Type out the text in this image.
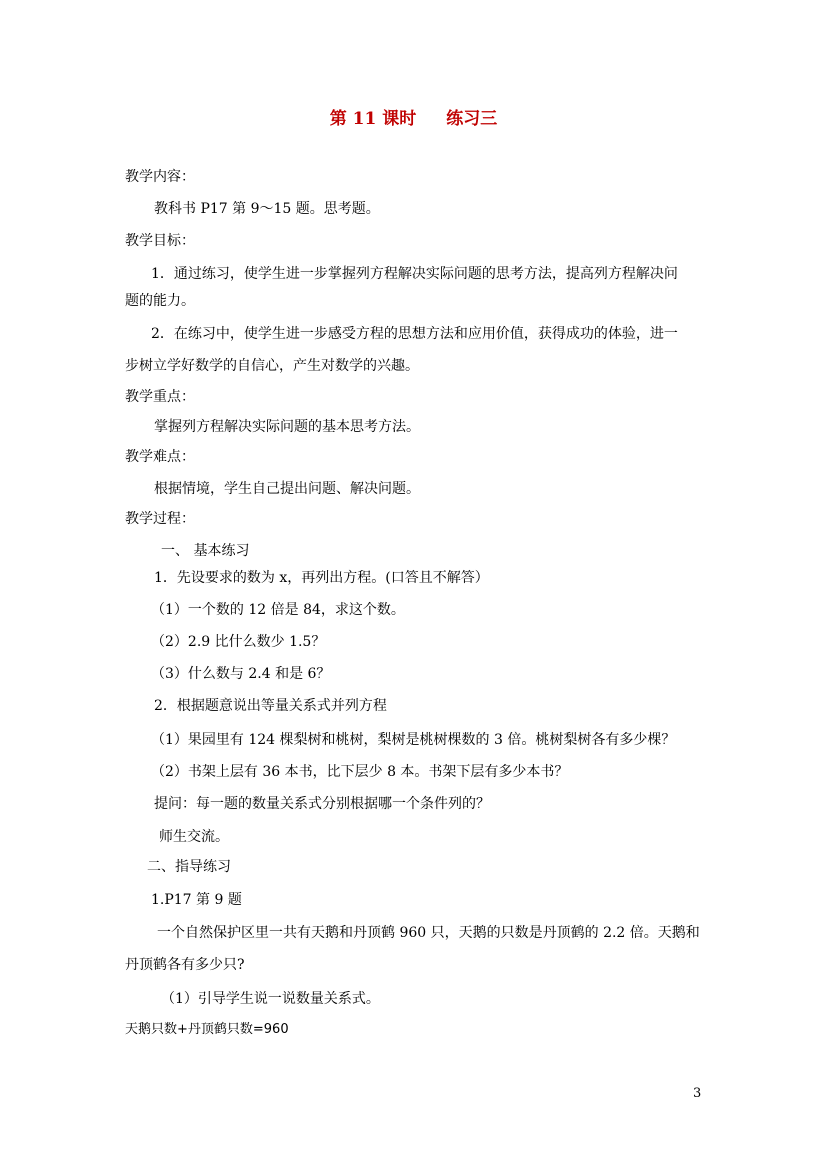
第 11 课时 练习三
教学内容：
教科书 P17 第 9～15 题。思考题。
教学目标：
1．通过练习，使学生进一步掌握列方程解决实际问题的思考方法，提高列方程解决问
题的能力。
2．在练习中，使学生进一步感受方程的思想方法和应用价值，获得成功的体验，进一
步树立学好数学的自信心，产生对数学的兴趣。
教学重点：
掌握列方程解决实际问题的基本思考方法。
教学难点：
根据情境，学生自己提出问题、解决问题。
教学过程：
一、 基本练习
1．先设要求的数为 x，再列出方程。(口答且不解答）
（1）一个数的 12 倍是 84，求这个数。
（2）2.9 比什么数少 1.5？
（3）什么数与 2.4 和是 6？
2．根据题意说出等量关系式并列方程
（1）果园里有 124 棵梨树和桃树，梨树是桃树棵数的 3 倍。桃树梨树各有多少棵？
（2）书架上层有 36 本书，比下层少 8 本。书架下层有多少本书？
提问：每一题的数量关系式分别根据哪一个条件列的？
师生交流。
二、指导练习
1.P17 第 9 题
一个自然保护区里一共有天鹅和丹顶鹤 960 只，天鹅的只数是丹顶鹤的 2.2 倍。天鹅和
丹顶鹤各有多少只?
（1）引导学生说一说数量关系式。
天鹅只数+丹顶鹤只数=960
3
